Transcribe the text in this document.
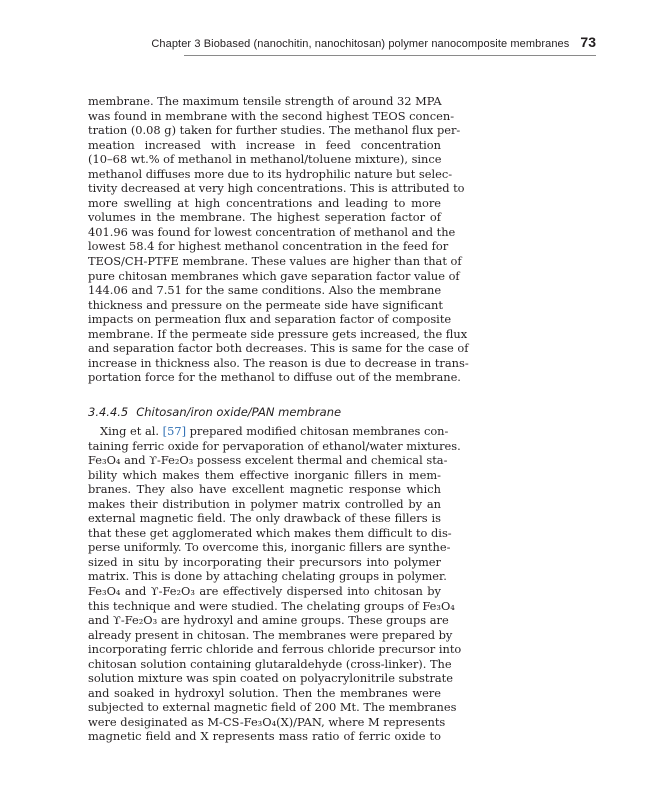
Chapter 3 Biobased (nanochitin, nanochitosan) polymer nanocomposite membranes 73
membrane. The maximum tensile strength of around 32 MPA
was found in membrane with the second highest TEOS concen-
tration (0.08 g) taken for further studies. The methanol flux per-
meation increased with increase in feed concentration
(10–68 wt.% of methanol in methanol/toluene mixture), since
methanol diffuses more due to its hydrophilic nature but selec-
tivity decreased at very high concentrations. This is attributed to
more swelling at high concentrations and leading to more
volumes in the membrane. The highest seperation factor of
401.96 was found for lowest concentration of methanol and the
lowest 58.4 for highest methanol concentration in the feed for
TEOS/CH-PTFE membrane. These values are higher than that of
pure chitosan membranes which gave separation factor value of
144.06 and 7.51 for the same conditions. Also the membrane
thickness and pressure on the permeate side have significant
impacts on permeation flux and separation factor of composite
membrane. If the permeate side pressure gets increased, the flux
and separation factor both decreases. This is same for the case of
increase in thickness also. The reason is due to decrease in trans-
portation force for the methanol to diffuse out of the membrane.
3.4.4.5 Chitosan/iron oxide/PAN membrane
Xing et al. [57] prepared modified chitosan membranes con-
taining ferric oxide for pervaporation of ethanol/water mixtures.
Fe₃O₄ and ϒ-Fe₂O₃ possess excelent thermal and chemical sta-
bility which makes them effective inorganic fillers in mem-
branes. They also have excellent magnetic response which
makes their distribution in polymer matrix controlled by an
external magnetic field. The only drawback of these fillers is
that these get agglomerated which makes them difficult to dis-
perse uniformly. To overcome this, inorganic fillers are synthe-
sized in situ by incorporating their precursors into polymer
matrix. This is done by attaching chelating groups in polymer.
Fe₃O₄ and ϒ-Fe₂O₃ are effectively dispersed into chitosan by
this technique and were studied. The chelating groups of Fe₃O₄
and ϒ-Fe₂O₃ are hydroxyl and amine groups. These groups are
already present in chitosan. The membranes were prepared by
incorporating ferric chloride and ferrous chloride precursor into
chitosan solution containing glutaraldehyde (cross-linker). The
solution mixture was spin coated on polyacrylonitrile substrate
and soaked in hydroxyl solution. Then the membranes were
subjected to external magnetic field of 200 Mt. The membranes
were desiginated as M-CS-Fe₃O₄(X)/PAN, where M represents
magnetic field and X represents mass ratio of ferric oxide to
